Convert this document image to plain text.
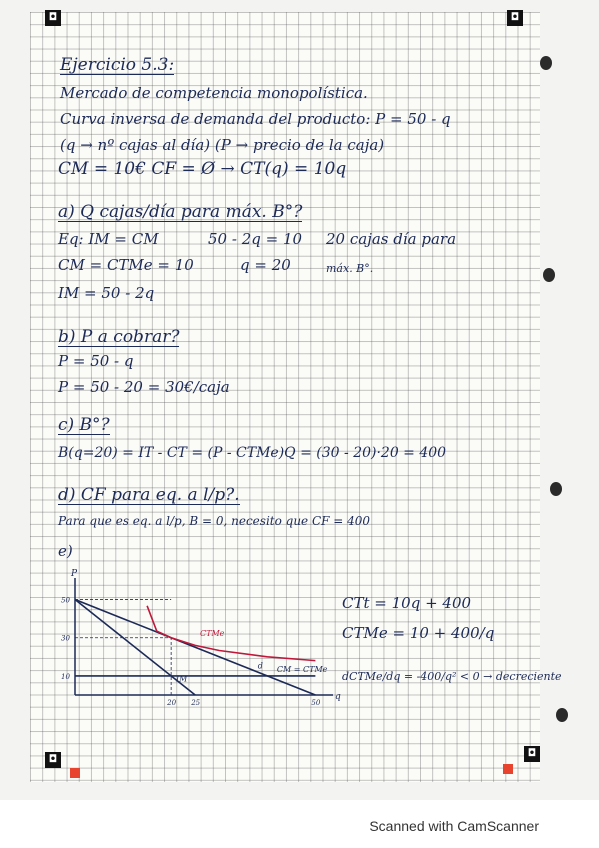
◘	◘
◘
◘
Ejercicio 5.3:
Mercado de competencia monopolística.
Curva inversa de demanda del producto: P = 50 - q
(q → nº cajas al día) (P → precio de la caja)
CM = 10€ CF = Ø → CT(q) = 10q
a) Q cajas/día para máx. B°?
Eq: IM = CM
CM = CTMe = 10
IM = 50 - 2q
50 - 2q = 10
q = 20
20 cajas día para
máx. B°.
b) P a cobrar?
P = 50 - q
P = 50 - 20 = 30€/caja
c) B°?
B(q=20) = IT - CT = (P - CTMe)Q = (30 - 20)·20 = 400
d) CF para eq. a l/p?.
Para que es eq. a l/p, B = 0, necesito que CF = 400
e)
P
q
50
30
10
20 25	50
d
IM
CM = CTMe
CTMe
CTt = 10q + 400
CTMe = 10 + 400/q
dCTMe/dq = -400/q² < 0 → decreciente
Scanned with CamScanner
